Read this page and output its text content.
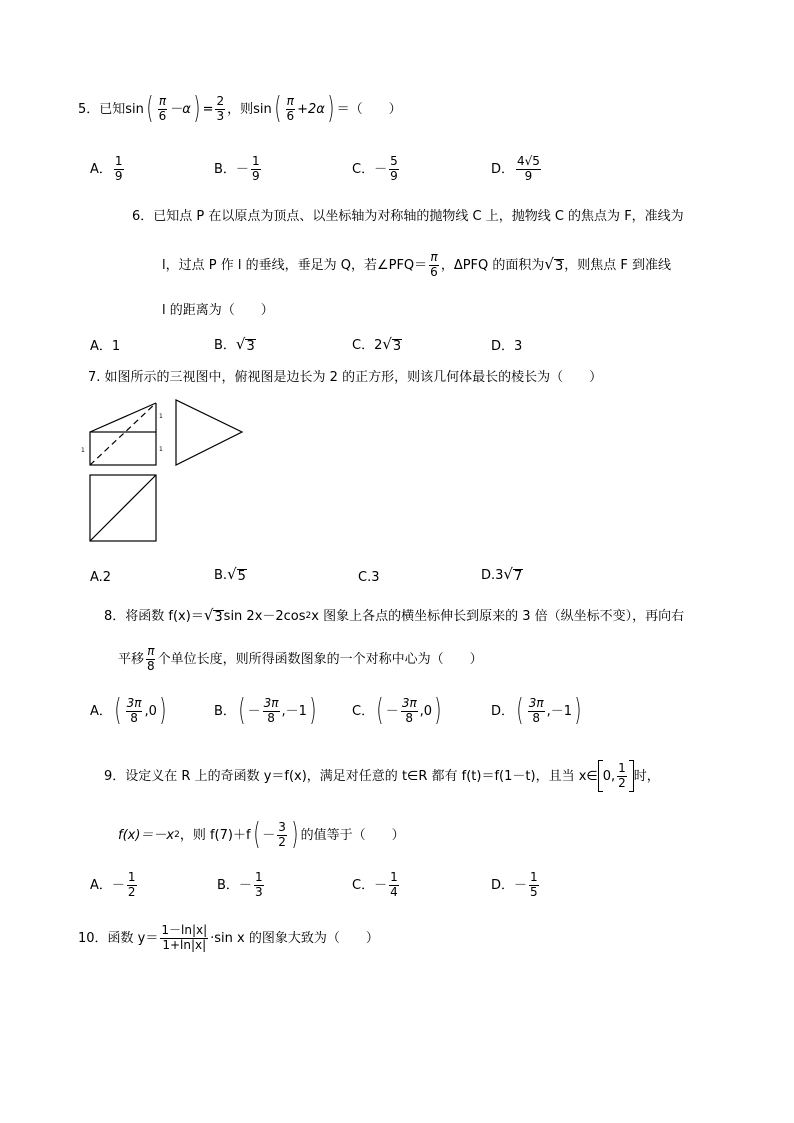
5．已知 sin ( $\frac{\pi}{6} -\alpha$ ) = $\frac{2}{3}$ ，则 sin ( $\frac{\pi}{6} +2\alpha$ ) ＝（　　）
A． $\frac{1}{9}$	B． － $\frac{1}{9}$	C． － $\frac{5}{9}$	D． $\frac{4√5}{9}$
6．已知点 P 在以原点为顶点、以坐标轴为对称轴的抛物线 C 上，抛物线 C 的焦点为 F，准线为
l，过点 P 作 l 的垂线，垂足为 Q，若∠PFQ＝ $\frac{\pi}{6}$ ，ΔPFQ 的面积为 √ 3 ，则焦点 F 到准线
l 的距离为（　　）
A．1	B． √ 3	C． 2 √ 3	D．3
7. 如图所示的三视图中，俯视图是边长为 2 的正方形，则该几何体最长的棱长为（　　）
1
1
1
A.2	B. √ 5	C.3	D.3 √ 7
8．将函数 f(x)＝ √ 3 sin 2x－2cos 2 x 图象上各点的横坐标伸长到原来的 3 倍（纵坐标不变），再向右
平移 $\frac{\pi}{8}$ 个单位长度，则所得函数图象的一个对称中心为（　　）
A． ( $\frac{3\pi}{8} ,0$ )	B． ( － $\frac{3\pi}{8} ,-1$ )	C． ( － $\frac{3\pi}{8} ,0$ )	D． ( $\frac{3\pi}{8} ,-1$ )
9．设定义在 R 上的奇函数 y＝f(x)，满足对任意的 t∈R 都有 f(t)＝f(1－t)，且当 x∈ 0, $\frac{1}{2}$ 时，
f(x)＝－x 2 ，则 f(7)＋f ( － $\frac{3}{2}$ ) 的值等于（　　）
A． － $\frac{1}{2}$	B． － $\frac{1}{3}$	C． － $\frac{1}{4}$	D． － $\frac{1}{5}$
10．函数 $y= \frac{1-\ln|x|}{1+\ln|x|} \cdot\sin$ x 的图象大致为（　　）
